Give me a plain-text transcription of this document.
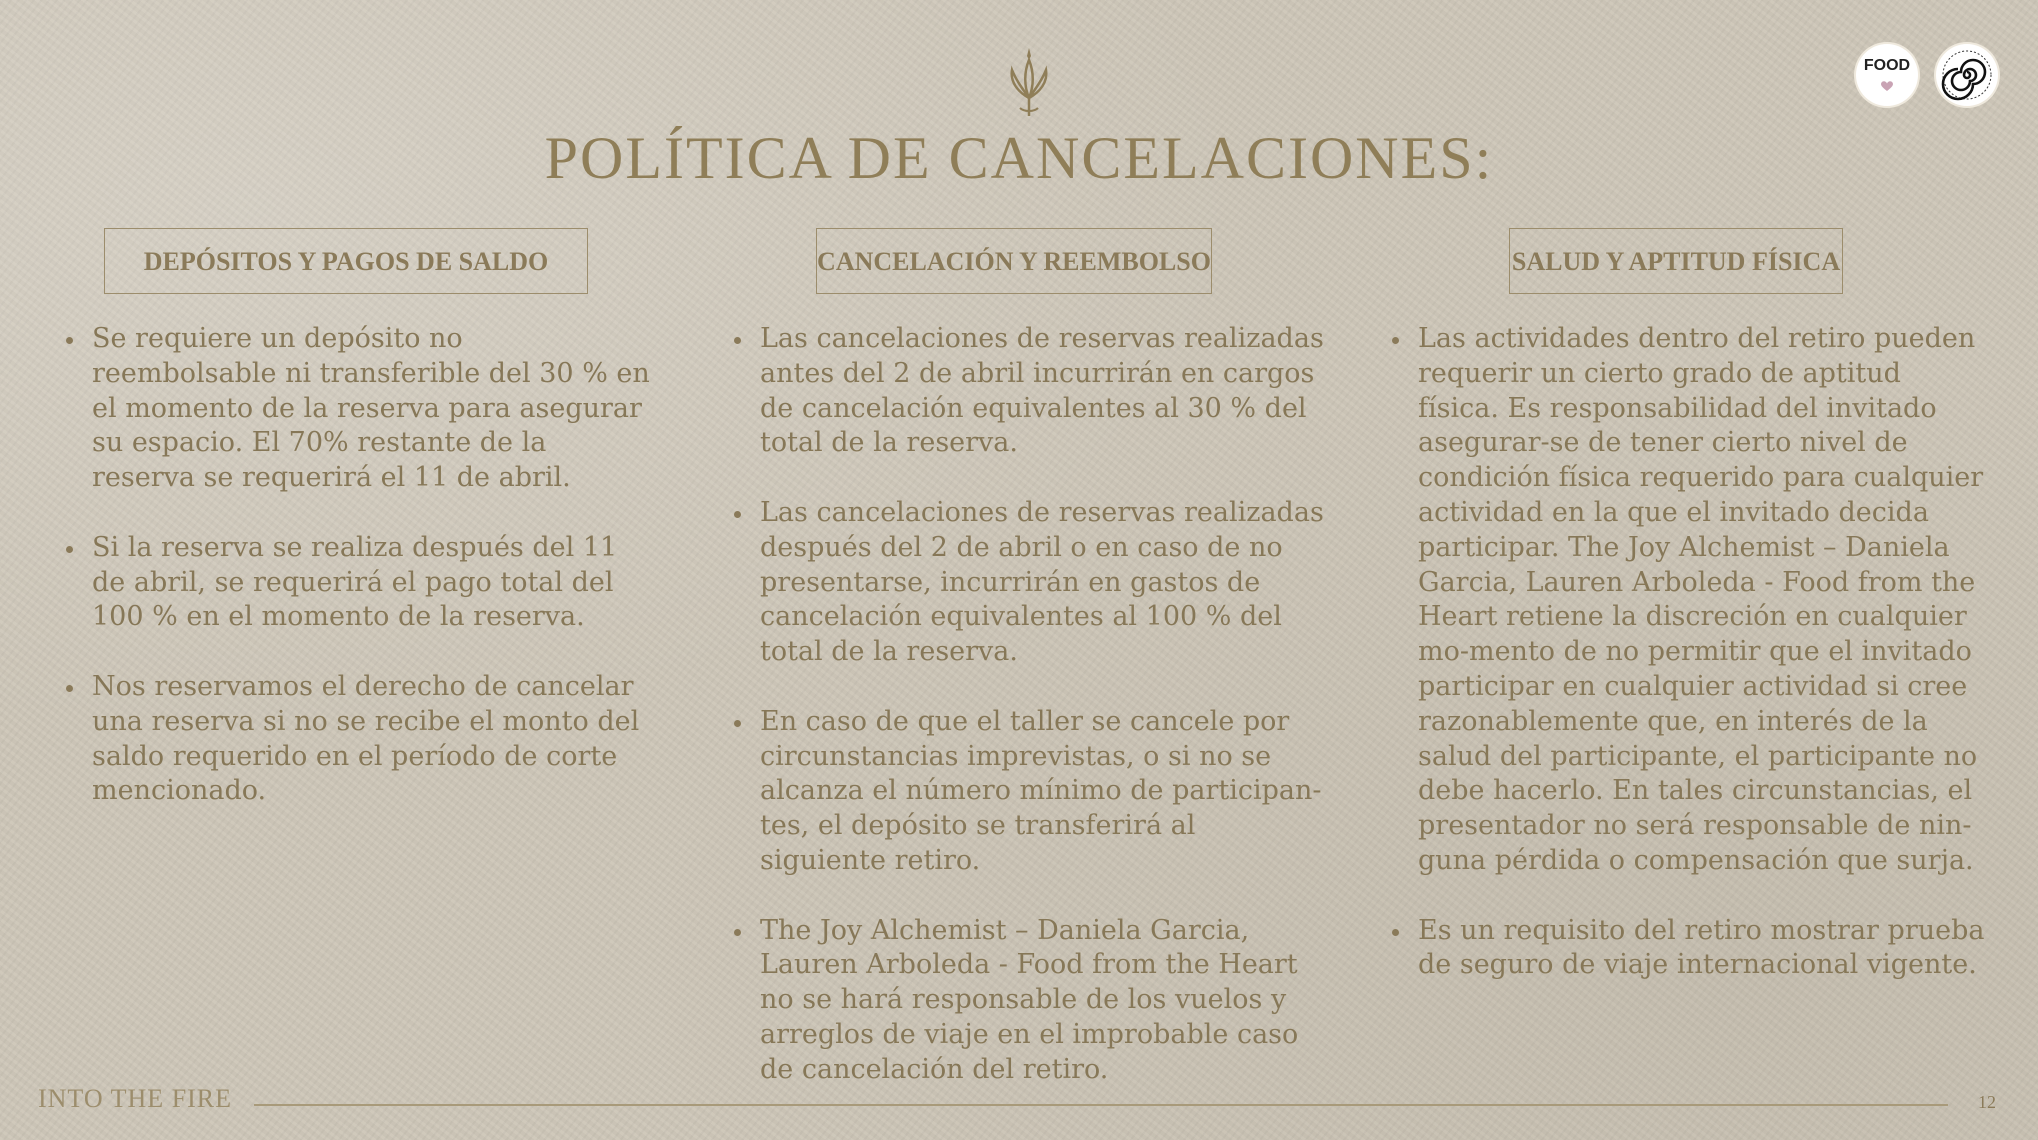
POLÍTICA DE CANCELACIONES:
FOOD
DEPÓSITOS Y PAGOS DE SALDO
Se requiere un depósito no reembolsable ni transferible del 30 % en el momento de la reserva para asegurar su espacio. El 70% restante de la reserva se requerirá el 11 de abril.
Si la reserva se realiza después del 11 de abril, se requerirá el pago total del 100 % en el momento de la reserva.
Nos reservamos el derecho de cancelar una reserva si no se recibe el monto del saldo requerido en el período de corte mencionado.
CANCELACIÓN Y REEMBOLSO
Las cancelaciones de reservas realizadas antes del 2 de abril incurrirán en cargos de cancelación equivalentes al 30 % del total de la reserva.
Las cancelaciones de reservas realizadas después del 2 de abril o en caso de no presentarse, incurrirán en gastos de cancelación equivalentes al 100 % del total de la reserva.
En caso de que el taller se cancele por circunstancias imprevistas, o si no se alcanza el número mínimo de participan-tes, el depósito se transferirá al siguiente retiro.
The Joy Alchemist – Daniela Garcia, Lauren Arboleda - Food from the Heart no se hará responsable de los vuelos y arreglos de viaje en el improbable caso de cancelación del retiro.
SALUD Y APTITUD FÍSICA
Las actividades dentro del retiro pueden requerir un cierto grado de aptitud física. Es responsabilidad del invitado asegurar-se de tener cierto nivel de condición física requerido para cualquier actividad en la que el invitado decida participar. The Joy Alchemist – Daniela Garcia, Lauren Arboleda - Food from the Heart retiene la discreción en cualquier mo-mento de no permitir que el invitado participar en cualquier actividad si cree razonablemente que, en interés de la salud del participante, el participante no debe hacerlo. En tales circunstancias, el presentador no será responsable de nin-guna pérdida o compensación que surja.
Es un requisito del retiro mostrar prueba de seguro de viaje internacional vigente.
INTO THE FIRE	12
